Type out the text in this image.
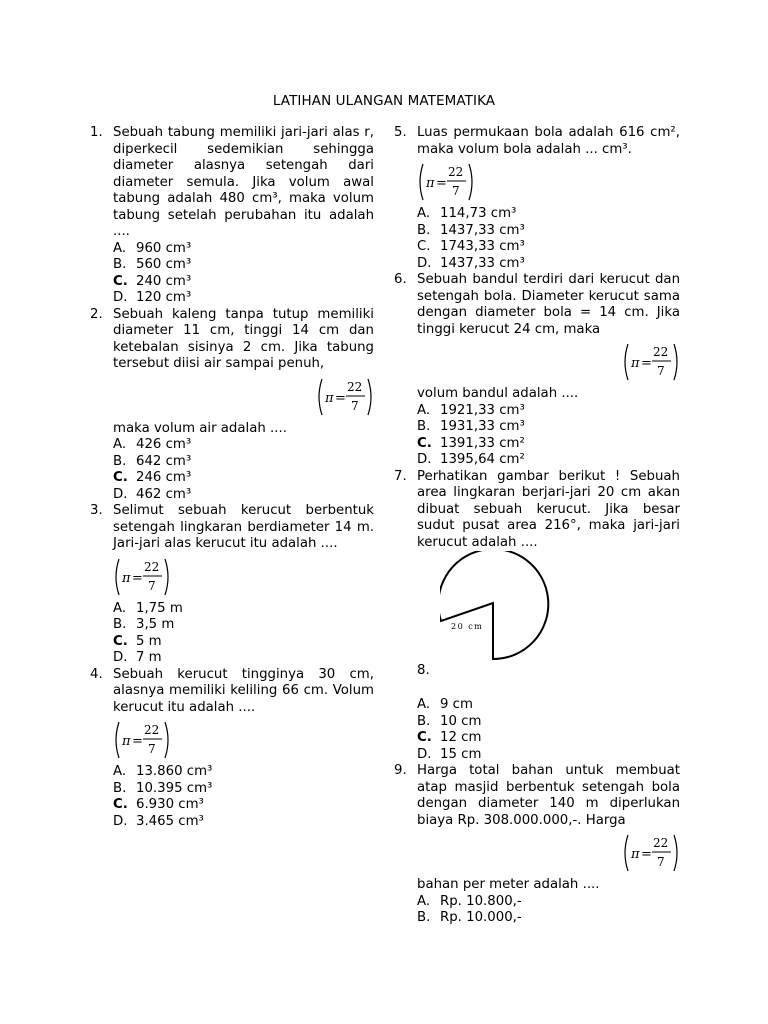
LATIHAN ULANGAN MATEMATIKA
1. Sebuah tabung memiliki jari-jari alas r, diperkecil sedemikian sehingga diameter alasnya setengah dari diameter semula. Jika volum awal tabung adalah 480 cm³, maka volum tabung setelah perubahan itu adalah ....
A. 960 cm³
B. 560 cm³
C. 240 cm³
D. 120 cm³
2. Sebuah kaleng tanpa tutup memiliki diameter 11 cm, tinggi 14 cm dan ketebalan sisinya 2 cm. Jika tabung tersebut diisi air sampai penuh,
π =
22
7
maka volum air adalah ....
A. 426 cm³
B. 642 cm³
C. 246 cm³
D. 462 cm³
3. Selimut sebuah kerucut berbentuk setengah lingkaran berdiameter 14 m. Jari-jari alas kerucut itu adalah ....
π =
22
7
A. 1,75 m
B. 3,5 m
C. 5 m
D. 7 m
4. Sebuah kerucut tingginya 30 cm, alasnya memiliki keliling 66 cm. Volum kerucut itu adalah ....
π =
22
7
A. 13.860 cm³
B. 10.395 cm³
C. 6.930 cm³
D. 3.465 cm³
5. Luas permukaan bola adalah 616 cm², maka volum bola adalah ... cm³.
π =
22
7
A. 114,73 cm³
B. 1437,33 cm³
C. 1743,33 cm³
D. 1437,33 cm³
6. Sebuah bandul terdiri dari kerucut dan setengah bola. Diameter kerucut sama dengan diameter bola = 14 cm. Jika tinggi kerucut 24 cm, maka
π =
22
7
volum bandul adalah ....
A. 1921,33 cm³
B. 1931,33 cm³
C. 1391,33 cm²
D. 1395,64 cm²
7. Perhatikan gambar berikut ! Sebuah area lingkaran berjari-jari 20 cm akan dibuat sebuah kerucut. Jika besar sudut pusat area 216°, maka jari-jari kerucut adalah ....
20 cm
8.
A. 9 cm
B. 10 cm
C. 12 cm
D. 15 cm
9. Harga total bahan untuk membuat atap masjid berbentuk setengah bola dengan diameter 140 m diperlukan biaya Rp. 308.000.000,-. Harga
π =
22
7
bahan per meter adalah ....
A. Rp. 10.800,-
B. Rp. 10.000,-
